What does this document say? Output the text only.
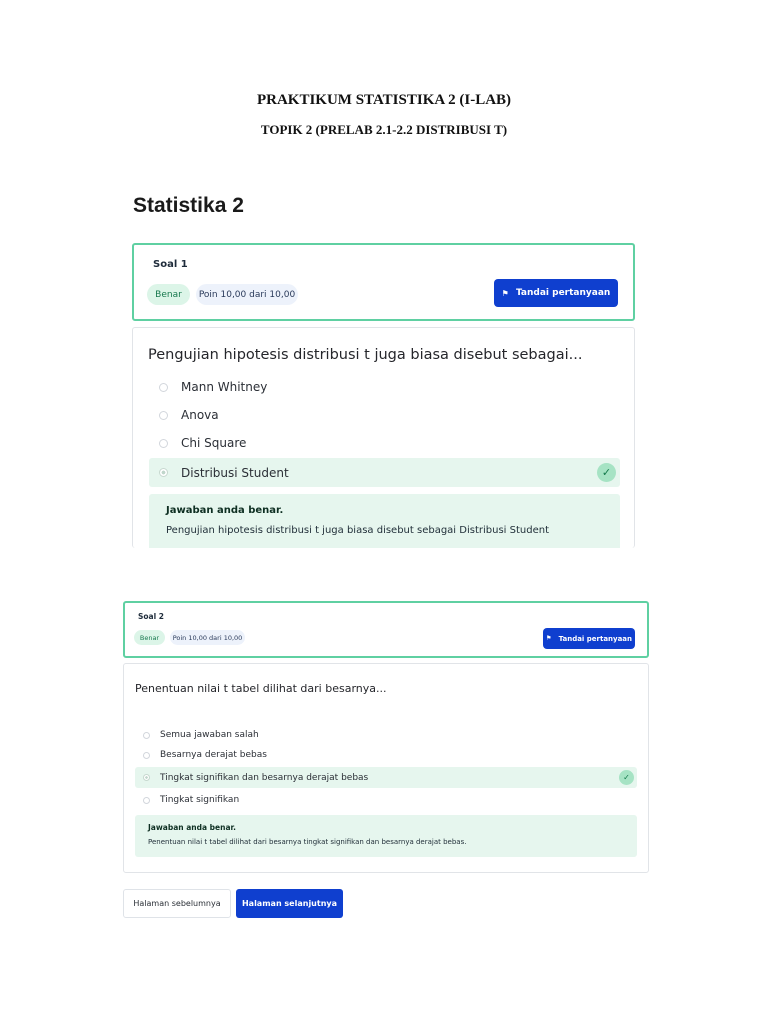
PRAKTIKUM STATISTIKA 2 (I-LAB)
TOPIK 2 (PRELAB 2.1-2.2 DISTRIBUSI T)
Statistika 2
Soal 1
Benar	Poin 10,00 dari 10,00	⚑ Tandai pertanyaan
Pengujian hipotesis distribusi t juga biasa disebut sebagai...
Mann Whitney
Anova
Chi Square
Distribusi Student	✓
Jawaban anda benar.
Pengujian hipotesis distribusi t juga biasa disebut sebagai Distribusi Student
Soal 2
Benar	Poin 10,00 dari 10,00	⚑ Tandai pertanyaan
Penentuan nilai t tabel dilihat dari besarnya...
Semua jawaban salah
Besarnya derajat bebas
Tingkat signifikan dan besarnya derajat bebas	✓
Tingkat signifikan
Jawaban anda benar.
Penentuan nilai t tabel dilihat dari besarnya tingkat signifikan dan besarnya derajat bebas.
Halaman sebelumnya	Halaman selanjutnya
